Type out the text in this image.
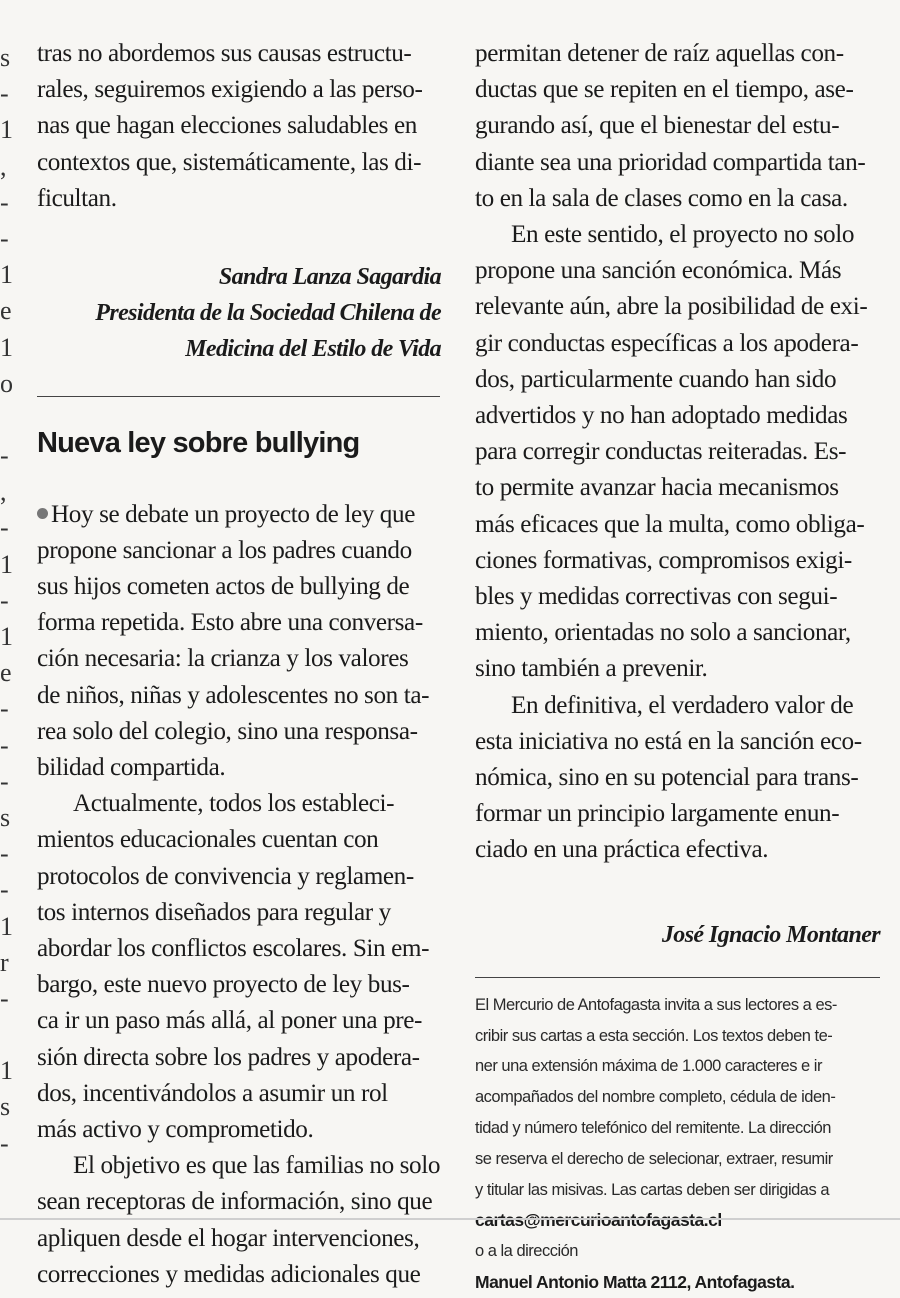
s
-
1
,
-
-
1
e
1
o
-
,
-
1
-
1
e
-
-
-
s
-
-
1
r
-
1
s
-

tras no abordemos sus causas estructu-
rales, seguiremos exigiendo a las perso-
nas que hagan elecciones saludables en
contextos que, sistemáticamente, las di-
ficultan.

Sandra Lanza Sagardia

Presidenta de la Sociedad Chilena de

Medicina del Estilo de Vida

Nueva ley sobre bullying

Hoy se debate un proyecto de ley que
propone sancionar a los padres cuando
sus hijos cometen actos de bullying de
forma repetida. Esto abre una conversa-
ción necesaria: la crianza y los valores
de niños, niñas y adolescentes no son ta-
rea solo del colegio, sino una responsa-
bilidad compartida.

Actualmente, todos los estableci-
mientos educacionales cuentan con
protocolos de convivencia y reglamen-
tos internos diseñados para regular y
abordar los conflictos escolares. Sin em-
bargo, este nuevo proyecto de ley bus-
ca ir un paso más allá, al poner una pre-
sión directa sobre los padres y apodera-
dos, incentivándolos a asumir un rol
más activo y comprometido.

El objetivo es que las familias no solo
sean receptoras de información, sino que
apliquen desde el hogar intervenciones,
correcciones y medidas adicionales que

permitan detener de raíz aquellas con-
ductas que se repiten en el tiempo, ase-
gurando así, que el bienestar del estu-
diante sea una prioridad compartida tan-
to en la sala de clases como en la casa.

En este sentido, el proyecto no solo
propone una sanción económica. Más
relevante aún, abre la posibilidad de exi-
gir conductas específicas a los apodera-
dos, particularmente cuando han sido
advertidos y no han adoptado medidas
para corregir conductas reiteradas. Es-
to permite avanzar hacia mecanismos
más eficaces que la multa, como obliga-
ciones formativas, compromisos exigi-
bles y medidas correctivas con segui-
miento, orientadas no solo a sancionar,
sino también a prevenir.

En definitiva, el verdadero valor de
esta iniciativa no está en la sanción eco-
nómica, sino en su potencial para trans-
formar un principio largamente enun-
ciado en una práctica efectiva.

José Ignacio Montaner

El Mercurio de Antofagasta invita a sus lectores a es-

cribir sus cartas a esta sección. Los textos deben te-

ner una extensión máxima de 1.000 caracteres e ir

acompañados del nombre completo, cédula de iden-

tidad y número telefónico del remitente. La dirección

se reserva el derecho de selecionar, extraer, resumir

y titular las misivas. Las cartas deben ser dirigidas a

cartas@mercurioantofagasta.cl

o a la dirección

Manuel Antonio Matta 2112, Antofagasta.
